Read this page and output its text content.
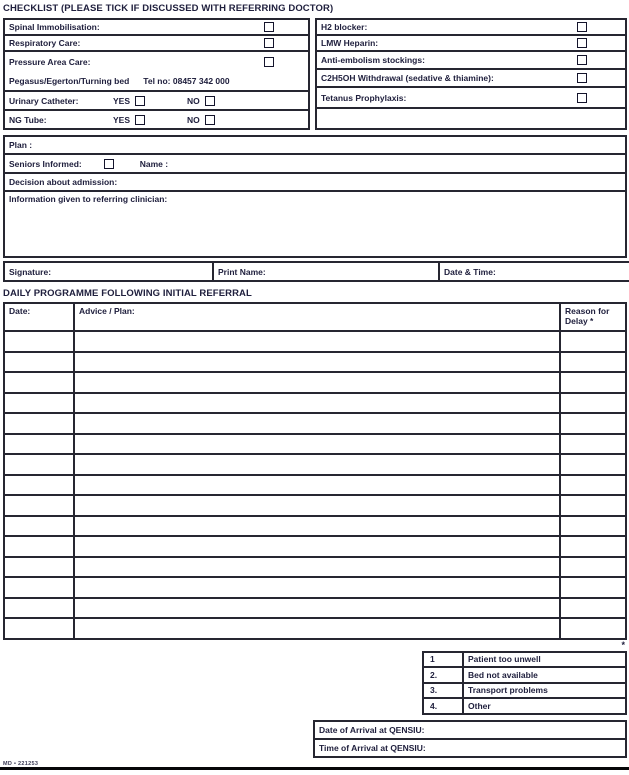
CHECKLIST (PLEASE TICK IF DISCUSSED WITH REFERRING DOCTOR)
Spinal Immobilisation:

Respiratory Care:

Pressure Area Care:
Pegasus/Egerton/Turning bed Tel no: 08457 342 000

Urinary Catheter:	YES	NO

NG Tube:	YES	NO
H2 blocker:

LMW Heparin:

Anti-embolism stockings:

C2H5OH Withdrawal (sedative & thiamine):

Tetanus Prophylaxis:

Plan :

Seniors Informed:	Name :

Decision about admission:
Information given to referring clinician:
Signature:	Print Name:	Date & Time:
DAILY PROGRAMME FOLLOWING INITIAL REFERRAL
Date:	Advice / Plan:	Reason for Delay *

*
1	Patient too unwell
2.	Bed not available
3.	Transport problems
4.	Other
Date of Arrival at QENSIU:
Time of Arrival at QENSIU:
MD • 221253
